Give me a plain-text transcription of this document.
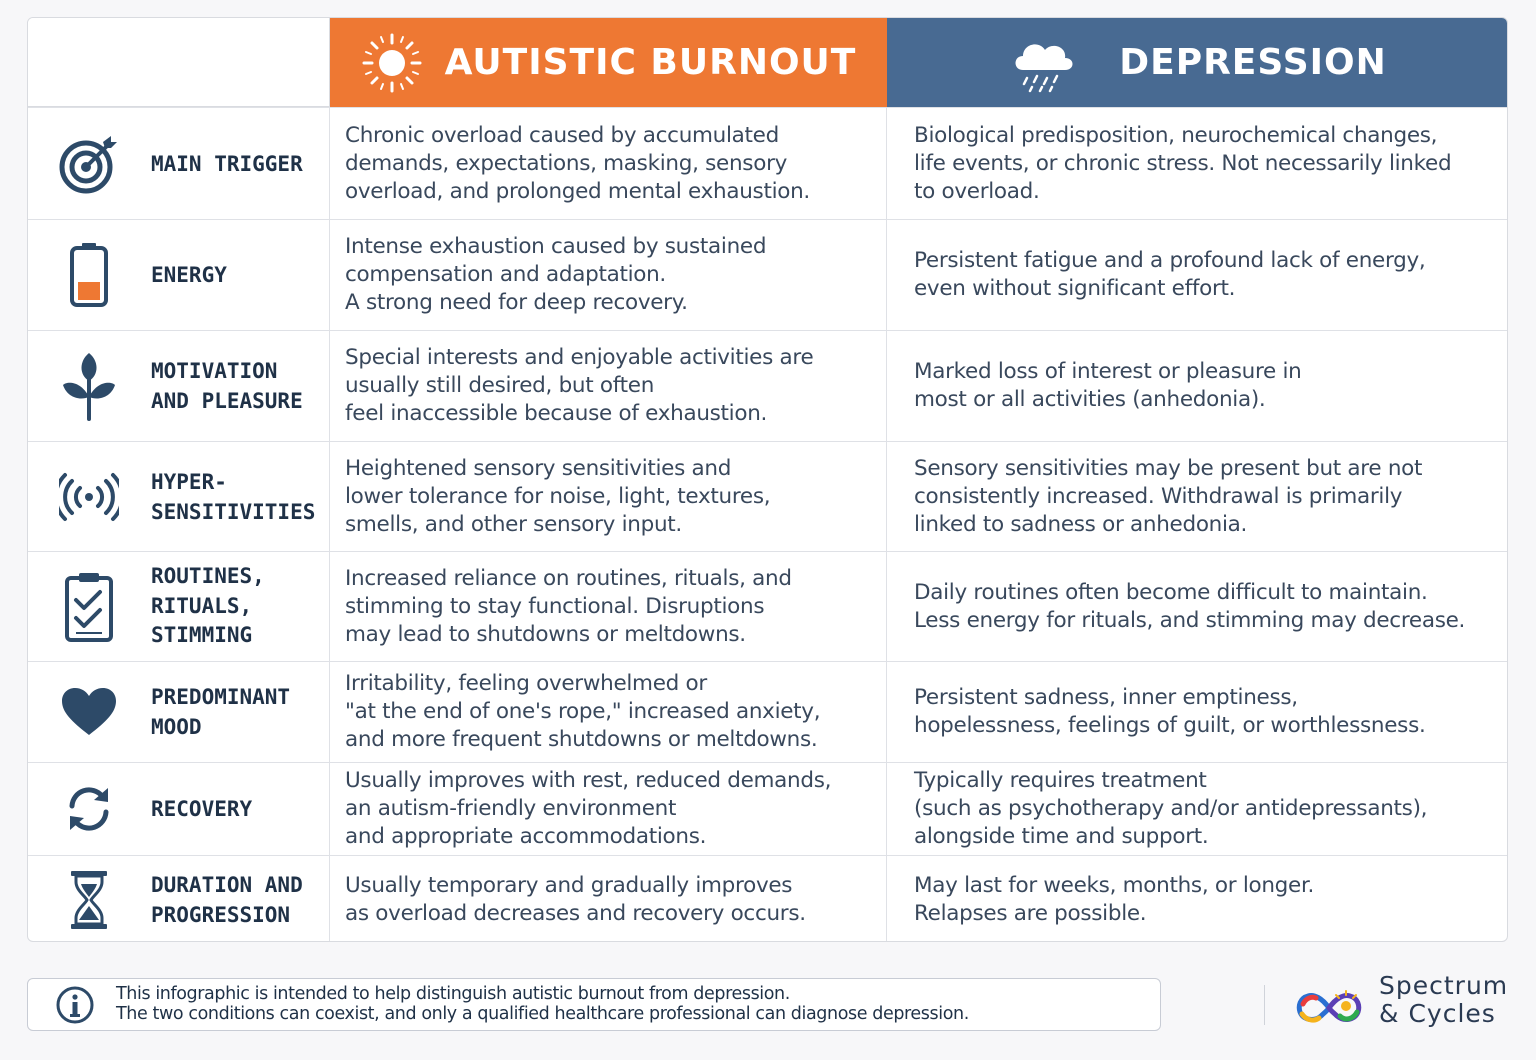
AUTISTIC BURNOUT	DEPRESSION
MAIN TRIGGER
Chronic overload caused by accumulated
demands, expectations, masking, sensory
overload, and prolonged mental exhaustion.
Biological predisposition, neurochemical changes,
life events, or chronic stress. Not necessarily linked
to overload.
ENERGY
Intense exhaustion caused by sustained
compensation and adaptation.
A strong need for deep recovery.
Persistent fatigue and a profound lack of energy,
even without significant effort.
MOTIVATION
AND PLEASURE
Special interests and enjoyable activities are
usually still desired, but often
feel inaccessible because of exhaustion.
Marked loss of interest or pleasure in
most or all activities (anhedonia).
HYPER-
SENSITIVITIES
Heightened sensory sensitivities and
lower tolerance for noise, light, textures,
smells, and other sensory input.
Sensory sensitivities may be present but are not
consistently increased. Withdrawal is primarily
linked to sadness or anhedonia.
ROUTINES,
RITUALS,
STIMMING
Increased reliance on routines, rituals, and
stimming to stay functional. Disruptions
may lead to shutdowns or meltdowns.
Daily routines often become difficult to maintain.
Less energy for rituals, and stimming may decrease.
PREDOMINANT
MOOD
Irritability, feeling overwhelmed or
"at the end of one's rope," increased anxiety,
and more frequent shutdowns or meltdowns.
Persistent sadness, inner emptiness,
hopelessness, feelings of guilt, or worthlessness.
RECOVERY
Usually improves with rest, reduced demands,
an autism-friendly environment
and appropriate accommodations.
Typically requires treatment
(such as psychotherapy and/or antidepressants),
alongside time and support.
DURATION AND
PROGRESSION
Usually temporary and gradually improves
as overload decreases and recovery occurs.
May last for weeks, months, or longer.
Relapses are possible.
This infographic is intended to help distinguish autistic burnout from depression.
The two conditions can coexist, and only a qualified healthcare professional can diagnose depression.
Spectrum
& Cycles
